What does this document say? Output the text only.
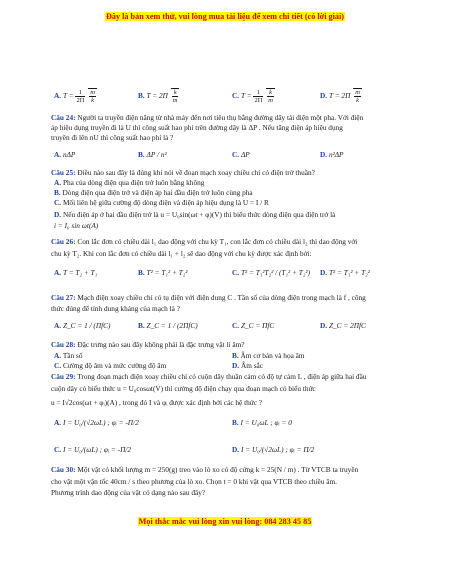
Đây là bản xem thử, vui lòng mua tài liệu để xem chi tiết (có lời giải)
A. $T = \frac{1}{2\Pi}$
$\frac{m}{k}$	B. $T = 2\Pi \frac{k}{m}$	C. $T = \frac{1}{2\Pi}$
$\frac{k}{m}$	D. $T = 2\Pi \frac{m}{k}$
Câu 24: Người ta truyền điện năng từ nhà máy đến nơi tiêu thụ bằng đường dây tải điện một pha. Với điện
áp hiệu dụng truyền đi là U thì công suất hao phí trên đường dây là ΔP . Nếu tăng điện áp hiệu dụng
truyền đi lên nU thì công suất hao phí là ?
A. nΔP	B. ΔP / n²	C. ΔP	D. n²ΔP
Câu 25: Điều nào sau đây là đúng khi nói về đoạn mạch xoay chiều chỉ có điện trở thuần?
A. Pha của dòng điện qua điện trở luôn bằng không
B. Dòng điện qua điện trở và điện áp hai đầu điện trở luôn cùng pha
C. Mối liên hệ giữa cường độ dòng điện và điện áp hiệu dụng là U = I / R
D. Nếu điện áp ở hai đầu điện trở là u = U₀sin(ωt + φ)(V) thì biểu thức dòng điện qua điện trở là
i = I₀ sin ωt(A)
Câu 26: Con lắc đơn có chiều dài l₁ dao động với chu kỳ T₁, con lắc đơn có chiều dài l₂ thì dao động với
chu kỳ T₂. Khi con lắc đơn có chiều dài l₁ + l₂ sẽ dao động với chu kỳ được xác định bởi:
A. T = T₂ + T₁	B. T² = T₁² + T₂²	C. T² = T₁²T₂² / (T₁² + T₂²) D. T² = T₁² + T₂²
Câu 27: Mạch điện xoay chiều chỉ có tụ điện với điện dung C . Tần số của dòng điện trong mạch là f , công
thức đúng để tính dung kháng của mạch là ?
A. Z_C = 1 / (ΠfC)	B. Z_C = 1 / (2ΠfC)	C. Z_C = ΠfC	D. Z_C = 2ΠfC
Câu 28: Đặc trưng nào sau đây không phải là đặc trưng vật lí âm?
A. Tần số	B. Âm cơ bản và họa âm
C. Cường độ âm và mức cường độ âm	D. Âm sắc
Câu 29: Trong đoạn mạch điện xoay chiều chỉ có cuộn dây thuần cảm có độ tự cảm L , điện áp giữa hai đầu
cuộn dây có biểu thức u = U₀cosωt(V) thì cường độ điện chạy qua đoạn mạch có biểu thức
u = I√2cos(ωt + φᵢ)(A) , trong đó I và φᵢ được xác định bởi các hệ thức ?
A. I = U₀/(√2ωL) ; φᵢ = -Π/2	B. I = U₀ωL ; φᵢ = 0
C. I = U₀/(ωL) ; φᵢ = -Π/2	D. I = U₀/(√2ωL) ; φᵢ = Π/2
Câu 30: Một vật có khối lượng m = 250(g) treo vào lò xo có độ cứng k = 25(N / m) . Từ VTCB ta truyền
cho vật một vận tốc 40cm / s theo phương của lò xo. Chọn t = 0 khi vật qua VTCB theo chiều âm.
Phương trình dao động của vật có dạng nào sau đây?
Mọi thắc mắc vui lòng xin vui lòng: 084 283 45 85
